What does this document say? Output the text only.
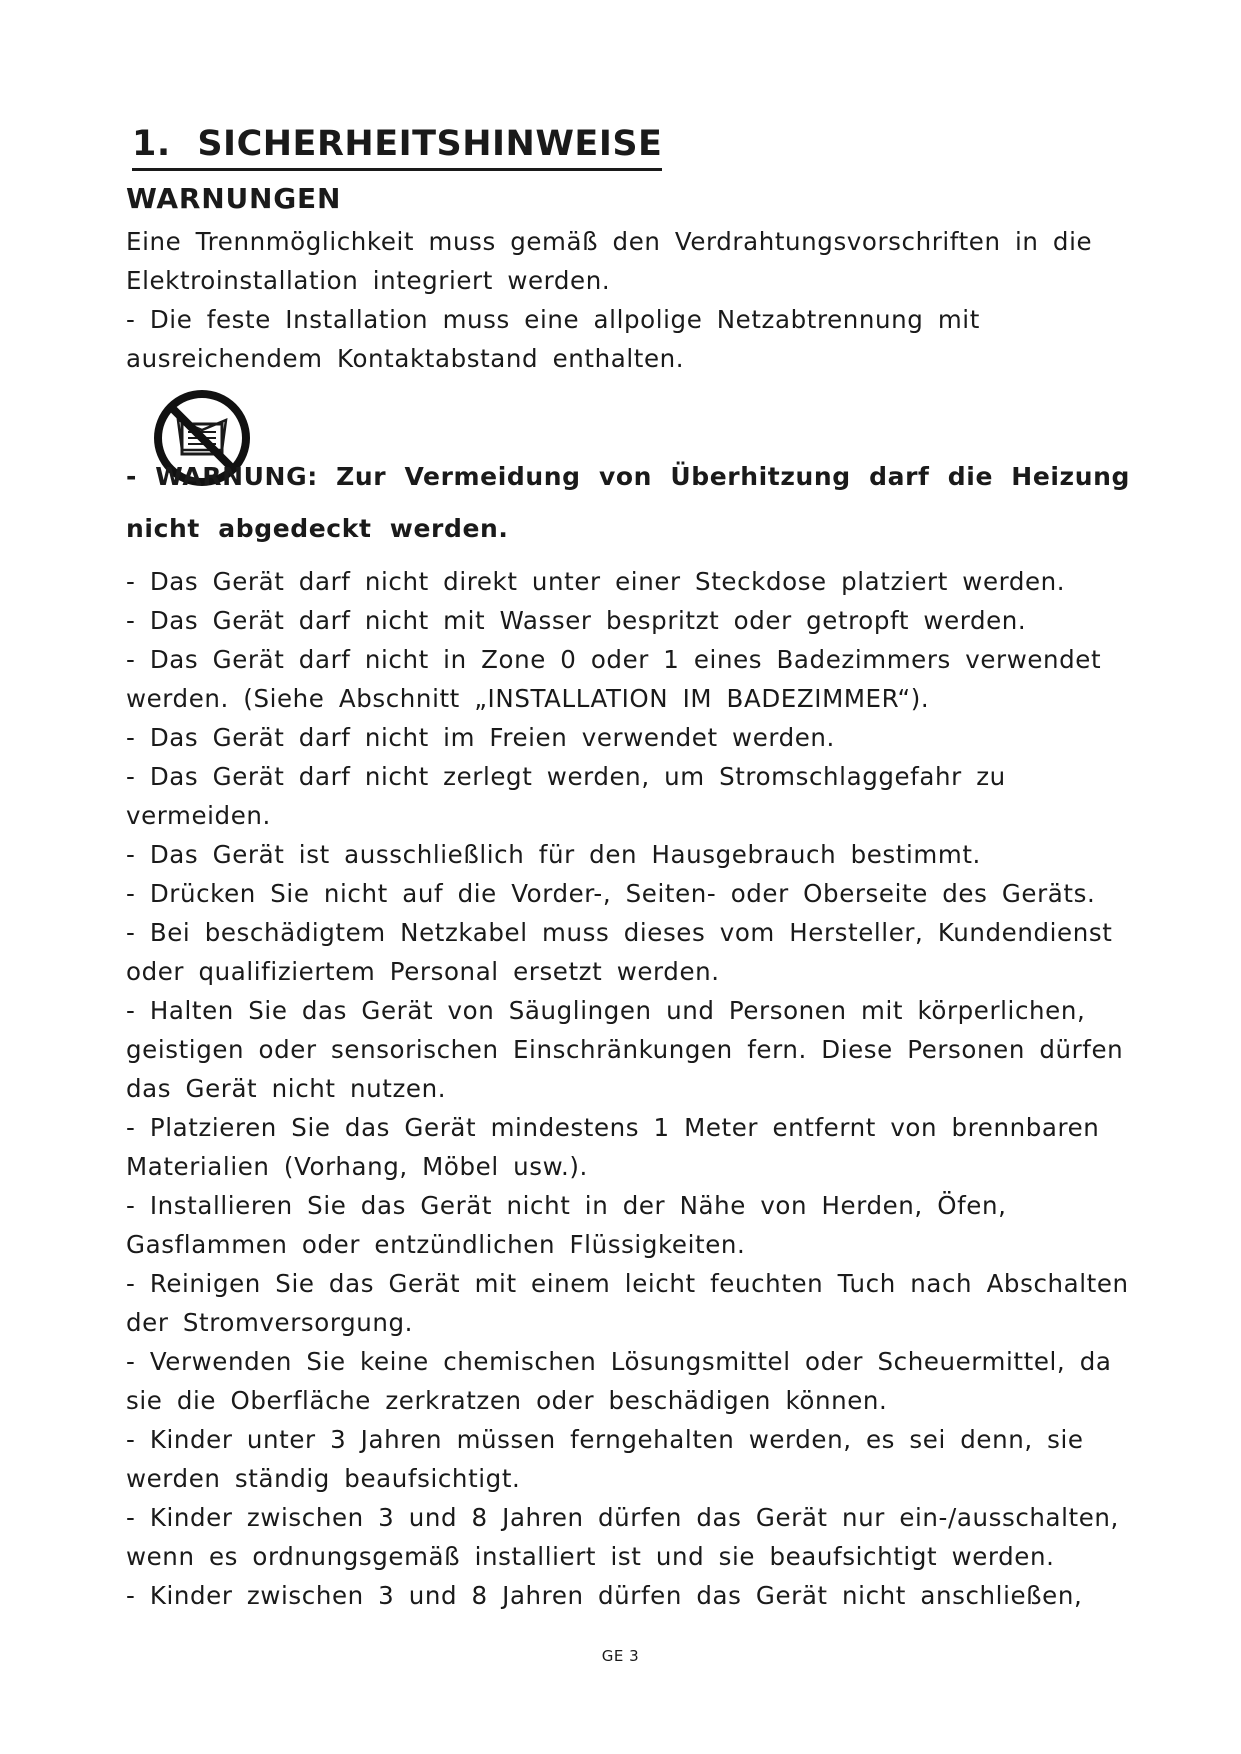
1. SICHERHEITSHINWEISE
WARNUNGEN
Eine Trennmöglichkeit muss gemäß den Verdrahtungsvorschriften in die
Elektroinstallation integriert werden.
- Die feste Installation muss eine allpolige Netzabtrennung mit
ausreichendem Kontaktabstand enthalten.
- WARNUNG: Zur Vermeidung von Überhitzung darf die Heizung
nicht abgedeckt werden.
- Das Gerät darf nicht direkt unter einer Steckdose platziert werden.
- Das Gerät darf nicht mit Wasser bespritzt oder getropft werden.
- Das Gerät darf nicht in Zone 0 oder 1 eines Badezimmers verwendet
werden. (Siehe Abschnitt „INSTALLATION IM BADEZIMMER“).
- Das Gerät darf nicht im Freien verwendet werden.
- Das Gerät darf nicht zerlegt werden, um Stromschlaggefahr zu
vermeiden.
- Das Gerät ist ausschließlich für den Hausgebrauch bestimmt.
- Drücken Sie nicht auf die Vorder-, Seiten- oder Oberseite des Geräts.
- Bei beschädigtem Netzkabel muss dieses vom Hersteller, Kundendienst
oder qualifiziertem Personal ersetzt werden.
- Halten Sie das Gerät von Säuglingen und Personen mit körperlichen,
geistigen oder sensorischen Einschränkungen fern. Diese Personen dürfen
das Gerät nicht nutzen.
- Platzieren Sie das Gerät mindestens 1 Meter entfernt von brennbaren
Materialien (Vorhang, Möbel usw.).
- Installieren Sie das Gerät nicht in der Nähe von Herden, Öfen,
Gasflammen oder entzündlichen Flüssigkeiten.
- Reinigen Sie das Gerät mit einem leicht feuchten Tuch nach Abschalten
der Stromversorgung.
- Verwenden Sie keine chemischen Lösungsmittel oder Scheuermittel, da
sie die Oberfläche zerkratzen oder beschädigen können.
- Kinder unter 3 Jahren müssen ferngehalten werden, es sei denn, sie
werden ständig beaufsichtigt.
- Kinder zwischen 3 und 8 Jahren dürfen das Gerät nur ein-/ausschalten,
wenn es ordnungsgemäß installiert ist und sie beaufsichtigt werden.
- Kinder zwischen 3 und 8 Jahren dürfen das Gerät nicht anschließen,
GE 3
